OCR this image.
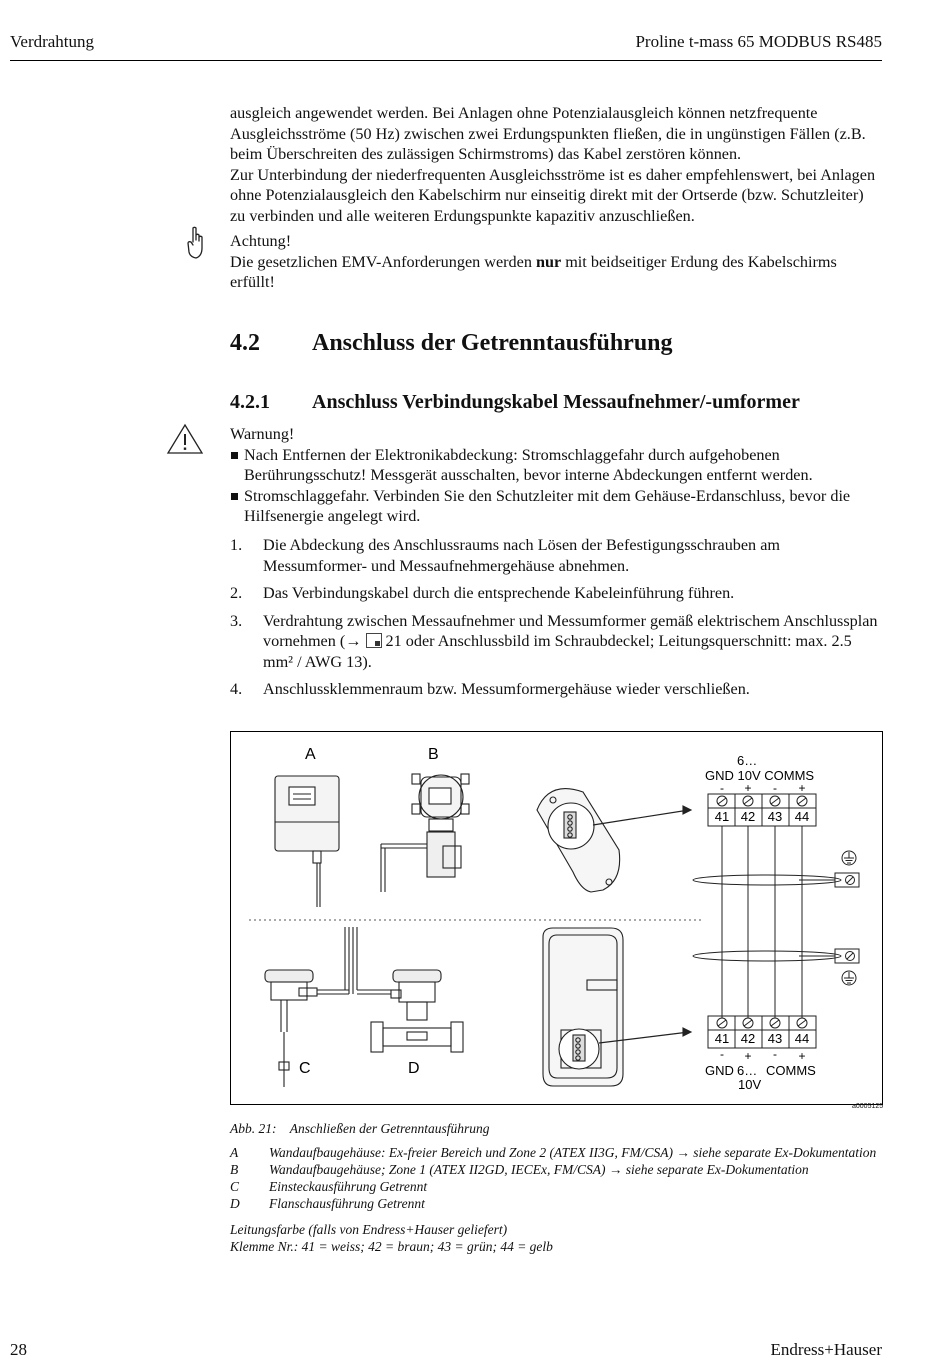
Verdrahtung	Proline t-mass 65 MODBUS RS485

ausgleich angewendet werden. Bei Anlagen ohne Potenzialausgleich können netzfrequente Ausgleichsströme (50 Hz) zwischen zwei Erdungspunkten fließen, die in ungünstigen Fällen (z.B. beim Überschreiten des zulässigen Schirmstroms) das Kabel zerstören können.

Zur Unterbindung der niederfrequenten Ausgleichsströme ist es daher empfehlenswert, bei Anlagen ohne Potenzialausgleich den Kabelschirm nur einseitig direkt mit der Ortserde (bzw. Schutzleiter) zu verbinden und alle weiteren Erdungspunkte kapazitiv anzuschließen.

Achtung!
Die gesetzlichen EMV-Anforderungen werden nur mit beidseitiger Erdung des Kabelschirms erfüllt!
4.2 Anschluss der Getrenntausführung
4.2.1 Anschluss Verbindungskabel Messaufnehmer/-umformer
Warnung!
Nach Entfernen der Elektronikabdeckung: Stromschlaggefahr durch aufgehobenen Berührungsschutz! Messgerät ausschalten, bevor interne Abdeckungen entfernt werden.
Stromschlaggefahr. Verbinden Sie den Schutzleiter mit dem Gehäuse-Erdanschluss, bevor die Hilfsenergie angelegt wird.
1. Die Abdeckung des Anschlussraums nach Lösen der Befestigungsschrauben am Messumformer- und Messaufnehmergehäuse abnehmen.
2. Das Verbindungskabel durch die entsprechende Kabeleinführung führen.
3. Verdrahtung zwischen Messaufnehmer und Messumformer gemäß elektrischem Anschlussplan vornehmen (→
21 oder Anschlussbild im Schraubdeckel; Leitungsquerschnitt: max. 2.5 mm² / AWG 13).
4. Anschlussklemmenraum bzw. Messumformergehäuse wieder verschließen.
A	B
C	D
6…
GND 10V COMMS
- + - +
41 42 43 44
41 42 43 44
- + - +
GND 6… COMMS
10V
a0005125
Abb. 21:    Anschließen der Getrenntausführung
A Wandaufbaugehäuse: Ex-freier Bereich und Zone 2 (ATEX II3G, FM/CSA) → siehe separate Ex-Dokumentation
B Wandaufbaugehäuse; Zone 1 (ATEX II2GD, IECEx, FM/CSA) → siehe separate Ex-Dokumentation
C Einsteckausführung Getrennt
D Flanschausführung Getrennt
Leitungsfarbe (falls von Endress+Hauser geliefert)
Klemme Nr.: 41 = weiss; 42 = braun; 43 = grün; 44 = gelb
28	Endress+Hauser
